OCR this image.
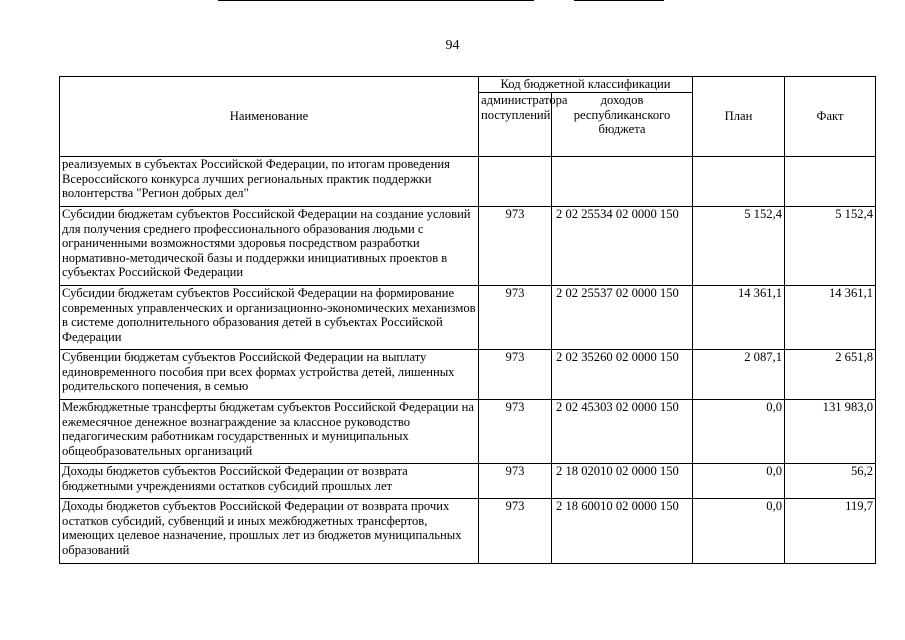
94
Наименование	Код бюджетной классификации		План	Факт
	администратора поступлений	доходов республиканского бюджета		
реализуемых в субъектах Российской Федерации, по итогам проведения Всероссийского конкурса лучших региональных практик поддержки волонтерства "Регион добрых дел"				
Субсидии бюджетам субъектов Российской Федерации на создание условий для получения среднего профессионального образования людьми с ограниченными возможностями здоровья посредством разработки нормативно-методической базы и поддержки инициативных проектов в субъектах Российской Федерации	973	2 02 25534 02 0000 150	5 152,4	5 152,4
Субсидии бюджетам субъектов Российской Федерации на формирование современных управленческих и организационно-экономических механизмов в системе дополнительного образования детей в субъектах Российской Федерации	973	2 02 25537 02 0000 150	14 361,1	14 361,1
Субвенции бюджетам субъектов Российской Федерации на выплату единовременного пособия при всех формах устройства детей, лишенных родительского попечения, в семью	973	2 02 35260 02 0000 150	2 087,1	2 651,8
Межбюджетные трансферты бюджетам субъектов Российской Федерации на ежемесячное денежное вознаграждение за классное руководство педагогическим работникам государственных и муниципальных общеобразовательных организаций	973	2 02 45303 02 0000 150	0,0	131 983,0
Доходы бюджетов субъектов Российской Федерации от возврата бюджетными учреждениями остатков субсидий прошлых лет	973	2 18 02010 02 0000 150	0,0	56,2
Доходы бюджетов субъектов Российской Федерации от возврата прочих остатков субсидий, субвенций и иных межбюджетных трансфертов, имеющих целевое назначение, прошлых лет из бюджетов муниципальных образований	973	2 18 60010 02 0000 150	0,0	119,7
